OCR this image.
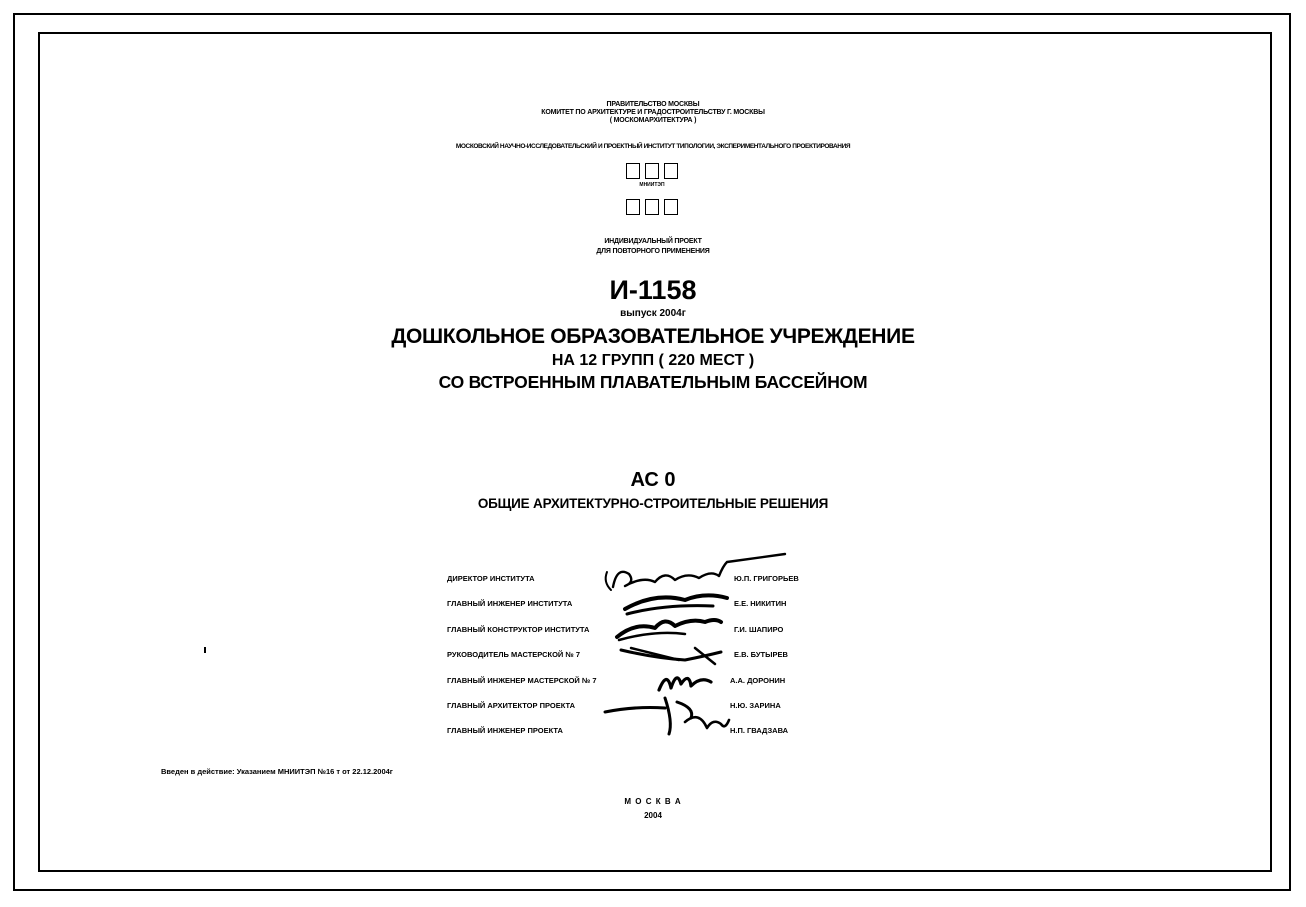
ПРАВИТЕЛЬСТВО МОСКВЫ
КОМИТЕТ ПО АРХИТЕКТУРЕ И ГРАДОСТРОИТЕЛЬСТВУ Г. МОСКВЫ
( МОСКОМАРХИТЕКТУРА )
МОСКОВСКИЙ НАУЧНО-ИССЛЕДОВАТЕЛЬСКИЙ И ПРОЕКТНЫЙ ИНСТИТУТ ТИПОЛОГИИ, ЭКСПЕРИМЕНТАЛЬНОГО ПРОЕКТИРОВАНИЯ
МНИИТЭП
ИНДИВИДУАЛЬНЫЙ ПРОЕКТ
ДЛЯ ПОВТОРНОГО ПРИМЕНЕНИЯ
И-1158
выпуск 2004г
ДОШКОЛЬНОЕ ОБРАЗОВАТЕЛЬНОЕ УЧРЕЖДЕНИЕ
НА 12 ГРУПП ( 220 МЕСТ )
СО ВСТРОЕННЫМ ПЛАВАТЕЛЬНЫМ БАССЕЙНОМ
АС 0
ОБЩИЕ АРХИТЕКТУРНО-СТРОИТЕЛЬНЫЕ РЕШЕНИЯ
ДИРЕКТОР ИНСТИТУТА	Ю.П. ГРИГОРЬЕВ
ГЛАВНЫЙ ИНЖЕНЕР ИНСТИТУТА	Е.Е. НИКИТИН
ГЛАВНЫЙ КОНСТРУКТОР ИНСТИТУТА	Г.И. ШАПИРО
РУКОВОДИТЕЛЬ МАСТЕРСКОЙ № 7	Е.В. БУТЫРЕВ
ГЛАВНЫЙ ИНЖЕНЕР МАСТЕРСКОЙ № 7	А.А. ДОРОНИН
ГЛАВНЫЙ АРХИТЕКТОР ПРОЕКТА	Н.Ю. ЗАРИНА
ГЛАВНЫЙ ИНЖЕНЕР ПРОЕКТА	Н.П. ГВАДЗАВА
Введен в действие: Указанием МНИИТЭП №16 т от 22.12.2004г
М О С К В А
2004
